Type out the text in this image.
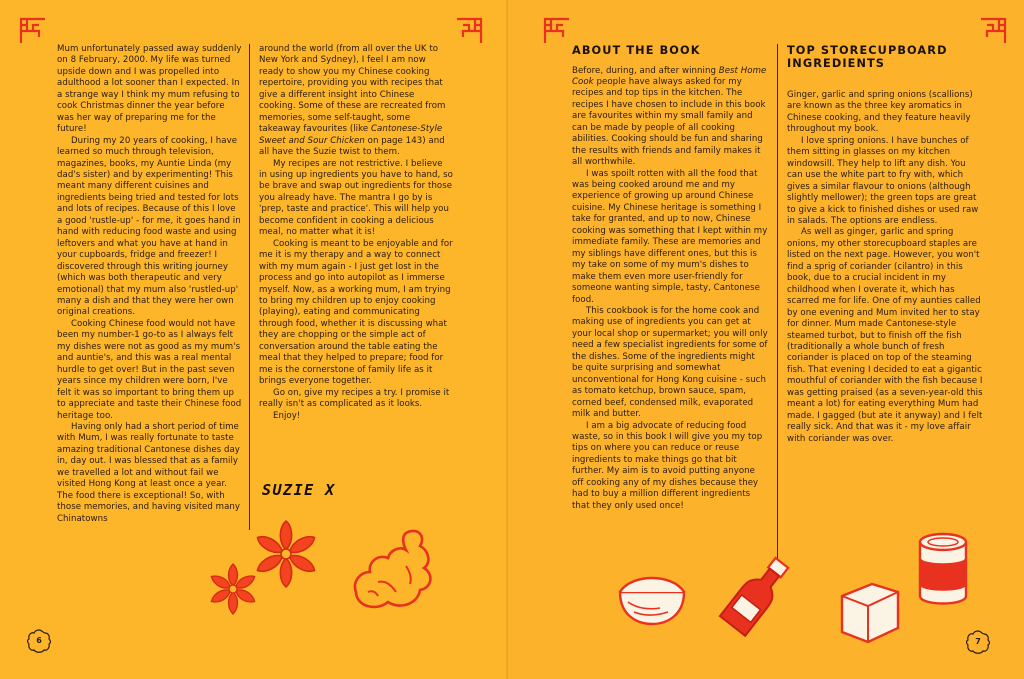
Mum unfortunately passed away suddenly on 8 February, 2000. My life was turned upside down and I was propelled into adulthood a lot sooner than I expected. In a strange way I think my mum refusing to cook Christmas dinner the year before was her way of preparing me for the future!

During my 20 years of cooking, I have learned so much through television, magazines, books, my Auntie Linda (my dad's sister) and by experimenting! This meant many different cuisines and ingredients being tried and tested for lots and lots of recipes. Because of this I love a good 'rustle-up' - for me, it goes hand in hand with reducing food waste and using leftovers and what you have at hand in your cupboards, fridge and freezer! I discovered through this writing journey (which was both therapeutic and very emotional) that my mum also 'rustled-up' many a dish and that they were her own original creations.

Cooking Chinese food would not have been my number-1 go-to as I always felt my dishes were not as good as my mum's and auntie's, and this was a real mental hurdle to get over! But in the past seven years since my children were born, I've felt it was so important to bring them up to appreciate and taste their Chinese food heritage too.

Having only had a short period of time with Mum, I was really fortunate to taste amazing traditional Cantonese dishes day in, day out. I was blessed that as a family we travelled a lot and without fail we visited Hong Kong at least once a year. The food there is exceptional! So, with those memories, and having visited many Chinatowns

around the world (from all over the UK to New York and Sydney), I feel I am now ready to show you my Chinese cooking repertoire, providing you with recipes that give a different insight into Chinese cooking. Some of these are recreated from memories, some self-taught, some takeaway favourites (like Cantonese-Style Sweet and Sour Chicken on page 143) and all have the Suzie twist to them.

My recipes are not restrictive. I believe in using up ingredients you have to hand, so be brave and swap out ingredients for those you already have. The mantra I go by is 'prep, taste and practice'. This will help you become confident in cooking a delicious meal, no matter what it is!

Cooking is meant to be enjoyable and for me it is my therapy and a way to connect with my mum again - I just get lost in the process and go into autopilot as I immerse myself. Now, as a working mum, I am trying to bring my children up to enjoy cooking (playing), eating and communicating through food, whether it is discussing what they are chopping or the simple act of conversation around the table eating the meal that they helped to prepare; food for me is the cornerstone of family life as it brings everyone together.

Go on, give my recipes a try. I promise it really isn't as complicated as it looks.

Enjoy!

SUZIE X
6
ABOUT THE BOOK

Before, during, and after winning Best Home Cook people have always asked for my recipes and top tips in the kitchen. The recipes I have chosen to include in this book are favourites within my small family and can be made by people of all cooking abilities. Cooking should be fun and sharing the results with friends and family makes it all worthwhile.

I was spoilt rotten with all the food that was being cooked around me and my experience of growing up around Chinese cuisine. My Chinese heritage is something I take for granted, and up to now, Chinese cooking was something that I kept within my immediate family. These are memories and my siblings have different ones, but this is my take on some of my mum's dishes to make them even more user-friendly for someone wanting simple, tasty, Cantonese food.

This cookbook is for the home cook and making use of ingredients you can get at your local shop or supermarket; you will only need a few specialist ingredients for some of the dishes. Some of the ingredients might be quite surprising and somewhat unconventional for Hong Kong cuisine - such as tomato ketchup, brown sauce, spam, corned beef, condensed milk, evaporated milk and butter.

I am a big advocate of reducing food waste, so in this book I will give you my top tips on where you can reduce or reuse ingredients to make things go that bit further. My aim is to avoid putting anyone off cooking any of my dishes because they had to buy a million different ingredients that they only used once!

TOP STORECUPBOARD INGREDIENTS

Ginger, garlic and spring onions (scallions) are known as the three key aromatics in Chinese cooking, and they feature heavily throughout my book.

I love spring onions. I have bunches of them sitting in glasses on my kitchen windowsill. They help to lift any dish. You can use the white part to fry with, which gives a similar flavour to onions (although slightly mellower); the green tops are great to give a kick to finished dishes or used raw in salads. The options are endless.

As well as ginger, garlic and spring onions, my other storecupboard staples are listed on the next page. However, you won't find a sprig of coriander (cilantro) in this book, due to a crucial incident in my childhood when I overate it, which has scarred me for life. One of my aunties called by one evening and Mum invited her to stay for dinner. Mum made Cantonese-style steamed turbot, but to finish off the fish (traditionally a whole bunch of fresh coriander is placed on top of the steaming fish. That evening I decided to eat a gigantic mouthful of coriander with the fish because I was getting praised (as a seven-year-old this meant a lot) for eating everything Mum had made. I gagged (but ate it anyway) and I felt really sick. And that was it - my love affair with coriander was over.

7
